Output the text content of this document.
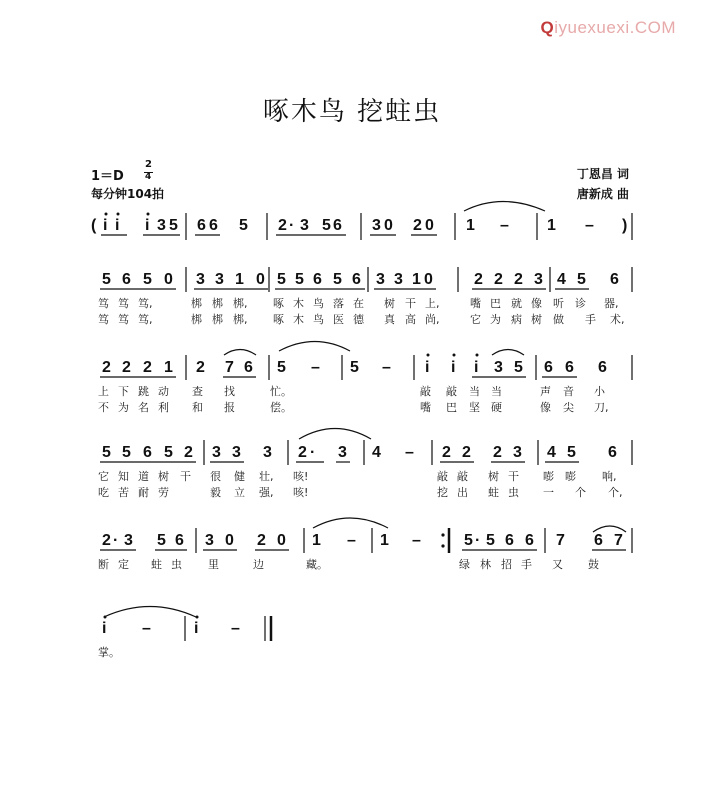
Qiyuexuexi.COM
啄木鸟 挖蛀虫
1＝D
2
4
每分钟104拍
丁恩昌 词
唐新成 曲
( i i i 3 5 6 6 5 2 · 3 5 6 3 0 2 0 1 – 1 – )
5 6 5 0 3 3 1 0 5 5 6 5 6 3 3 1 0	2 2 2 3 4 5 6
笃 笃 笃,	梆 梆 梆, 啄 木 鸟 落 在 树 干 上,	嘴 巴 就 像 听 诊 器,
笃 笃 笃,	梆 梆 梆, 啄 木 鸟 医 德 真 高 尚,	它 为 病 树 做 手 术,
2 2 2 1 2 7 6 5 – 5 – i i i 3 5 6 6 6
上 下 跳 动 查 找	忙。	敲 敲 当 当	声 音 小
不 为 名 利 和 报	偿。	嘴 巴 坚 硬	像 尖 刀,
5 5 6 5 2 3 3 3 2 · 3 4 – 2 2 2 3 4 5 6
它 知 道 树 干 很 健 壮, 咳!	敲 敲 树 干 嘭 嘭 响,
吃 苦 耐 劳	毅 立 强, 咳!	挖 出 蛀 虫 一 个 个,
2 · 3 5 6 3 0 2 0 1 – 1 –	5 · 5 6 6 7 6 7
断 定 蛀 虫 里	边	藏。	绿 林 招 手 又 鼓
i –	i –
掌。
